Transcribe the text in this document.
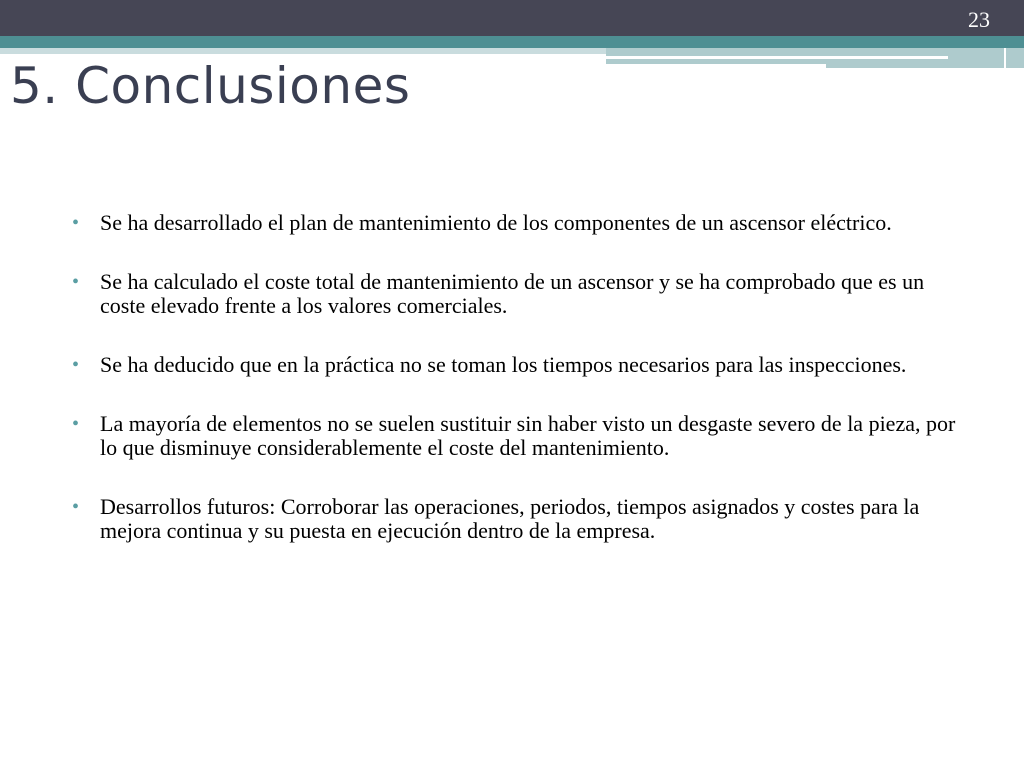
23
5. Conclusiones
• Se ha desarrollado el plan de mantenimiento de los componentes de un ascensor eléctrico.
• Se ha calculado el coste total de mantenimiento de un ascensor y se ha comprobado que es un coste elevado frente a los valores comerciales.
• Se ha deducido que en la práctica no se toman los tiempos necesarios para las inspecciones.
• La mayoría de elementos no se suelen sustituir sin haber visto un desgaste severo de la pieza, por lo que disminuye considerablemente el coste del mantenimiento.
• Desarrollos futuros: Corroborar las operaciones, periodos, tiempos asignados y costes para la mejora continua y su puesta en ejecución dentro de la empresa.
